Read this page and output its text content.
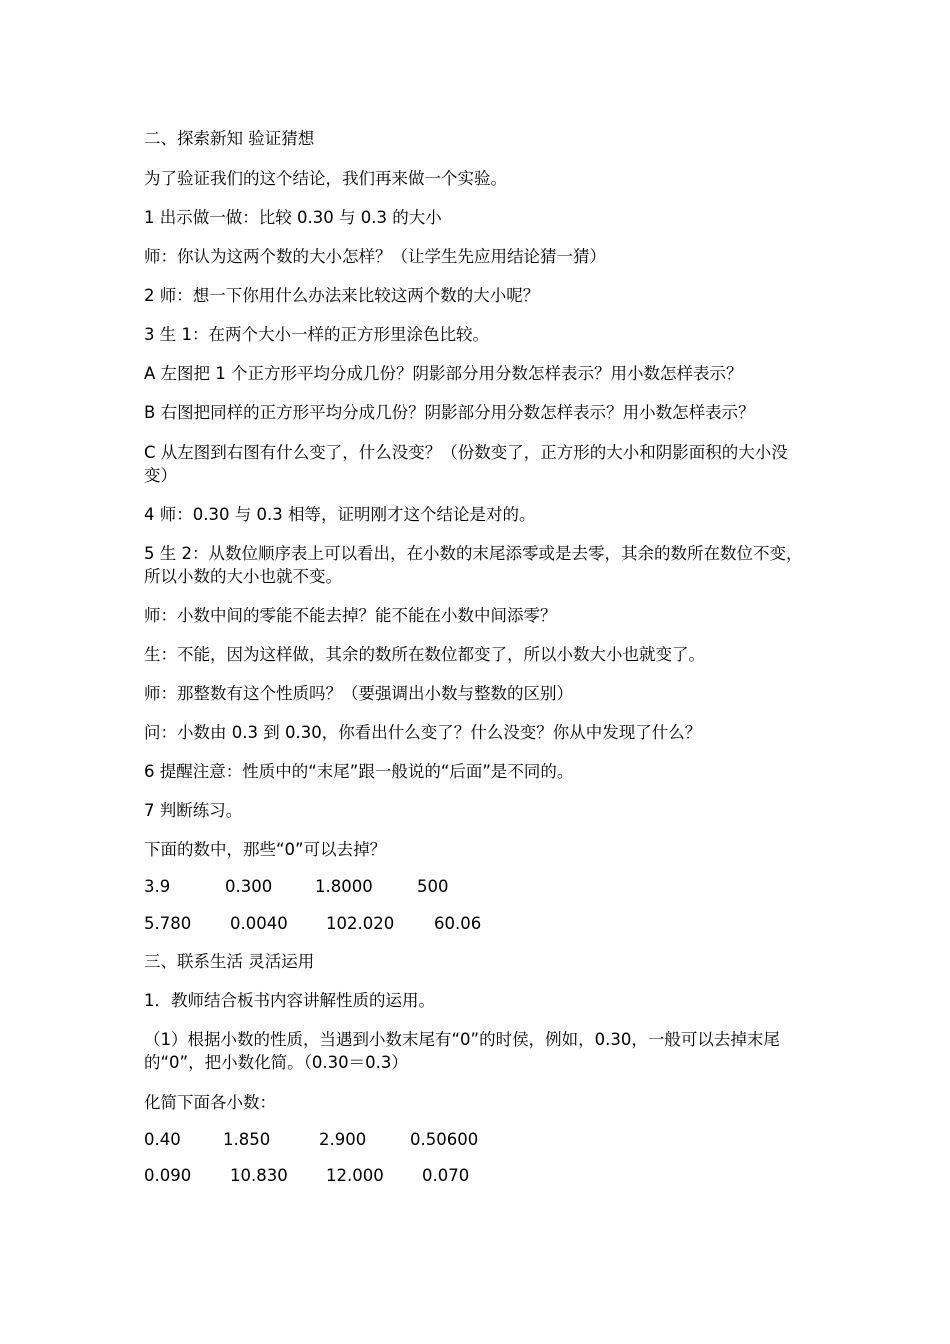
二、探索新知 验证猜想

为了验证我们的这个结论，我们再来做一个实验。

1 出示做一做：比较 0.30 与 0.3 的大小

师：你认为这两个数的大小怎样？（让学生先应用结论猜一猜）

2 师：想一下你用什么办法来比较这两个数的大小呢？

3 生 1：在两个大小一样的正方形里涂色比较。

A 左图把 1 个正方形平均分成几份？阴影部分用分数怎样表示？用小数怎样表示？

B 右图把同样的正方形平均分成几份？阴影部分用分数怎样表示？用小数怎样表示？

C 从左图到右图有什么变了，什么没变？（份数变了，正方形的大小和阴影面积的大小没变）

4 师：0.30 与 0.3 相等，证明刚才这个结论是对的。

5 生 2：从数位顺序表上可以看出，在小数的末尾添零或是去零，其余的数所在数位不变，所以小数的大小也就不变。

师：小数中间的零能不能去掉？能不能在小数中间添零？

生：不能，因为这样做，其余的数所在数位都变了，所以小数大小也就变了。

师：那整数有这个性质吗？（要强调出小数与整数的区别）

问：小数由 0.3 到 0.30，你看出什么变了？什么没变？你从中发现了什么？

6 提醒注意：性质中的“末尾”跟一般说的“后面”是不同的。

7 判断练习。

下面的数中，那些“0”可以去掉？

3.9	0.300	1.8000	500
5.780 0.0040 102.020 60.06

三、联系生活 灵活运用

1．教师结合板书内容讲解性质的运用。

（1）根据小数的性质，当遇到小数末尾有“0”的时侯，例如，0.30，一般可以去掉末尾的“0”，把小数化简。（0.30＝0.3）

化简下面各小数：

0.40	1.850	2.900	0.50600
0.090 10.830 12.000 0.070
